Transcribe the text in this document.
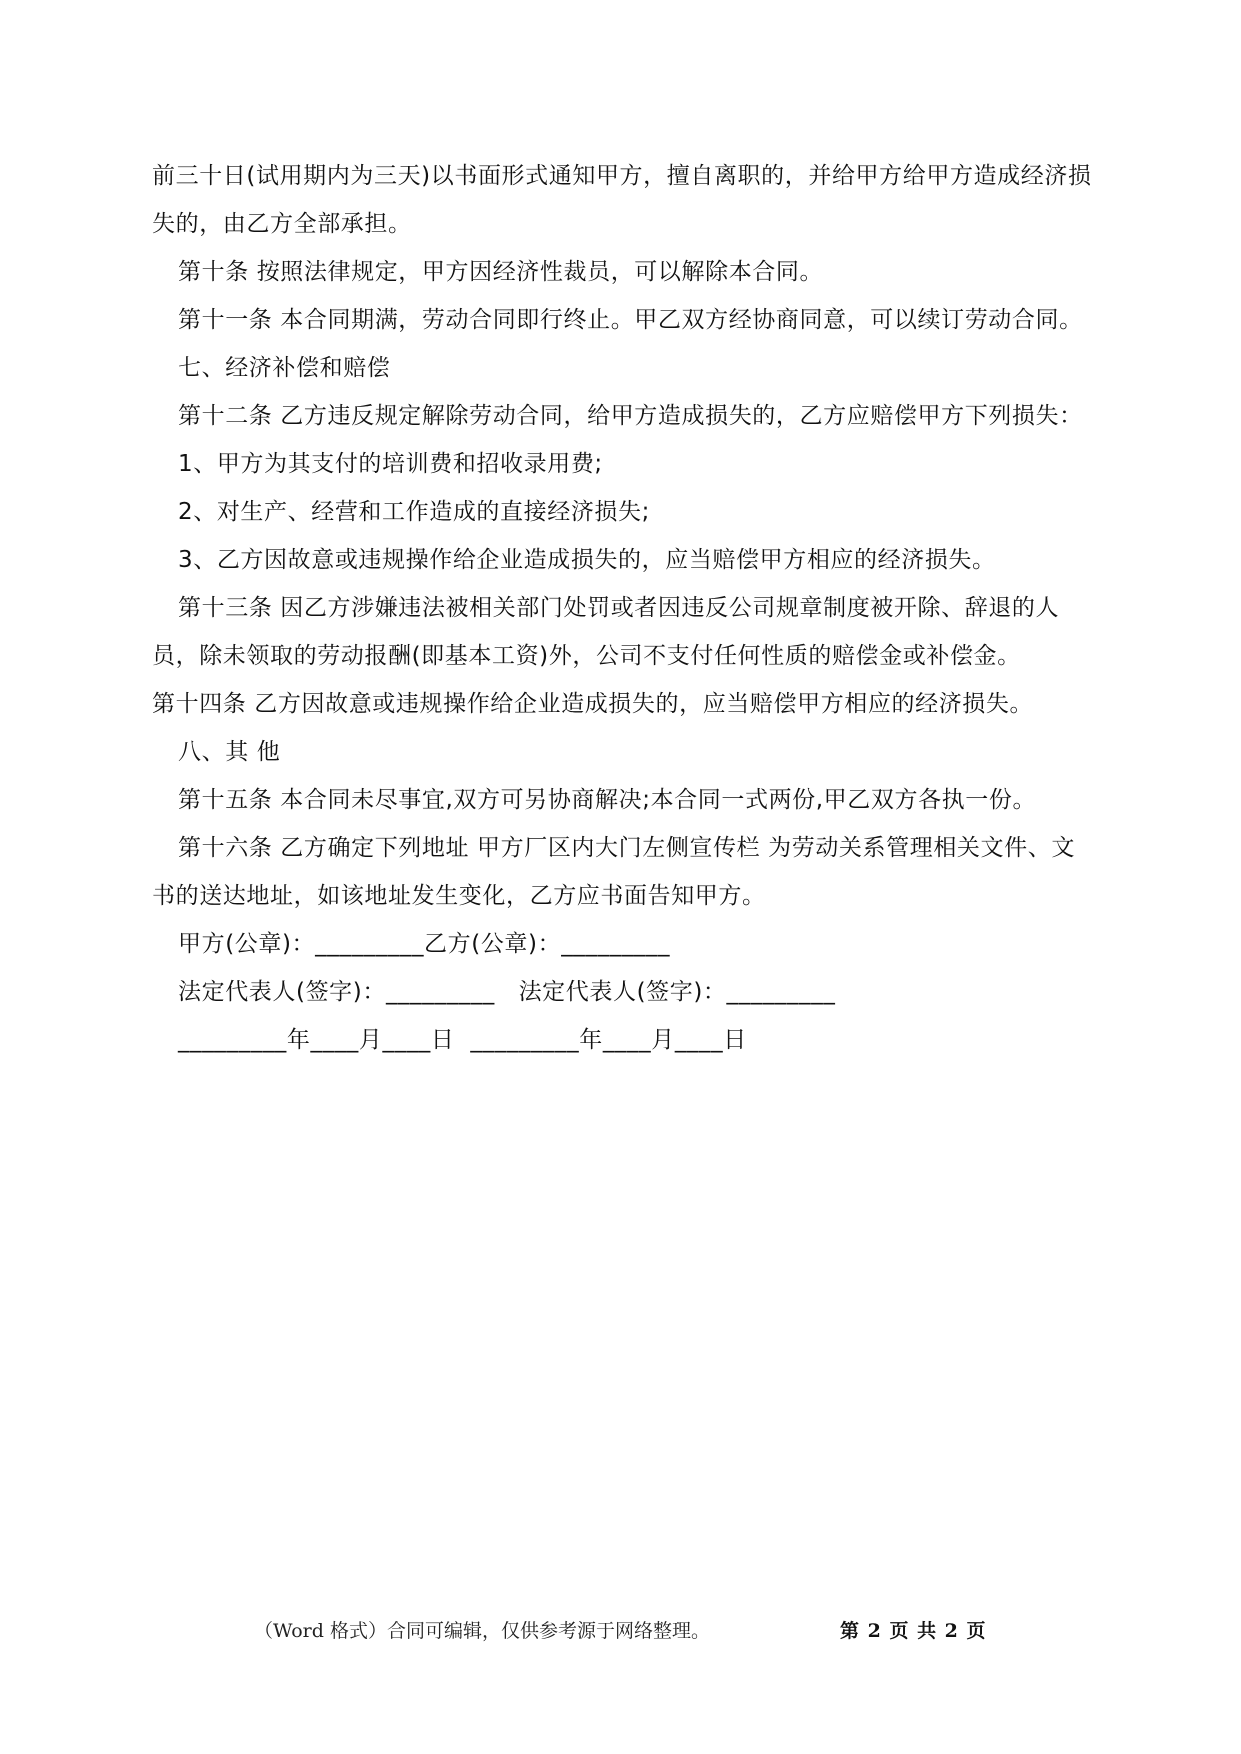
前三十日(试用期内为三天)以书面形式通知甲方，擅自离职的，并给甲方给甲方造成经济损失的，由乙方全部承担。

第十条 按照法律规定，甲方因经济性裁员，可以解除本合同。

第十一条 本合同期满，劳动合同即行终止。甲乙双方经协商同意，可以续订劳动合同。

七、经济补偿和赔偿

第十二条 乙方违反规定解除劳动合同，给甲方造成损失的，乙方应赔偿甲方下列损失：

1、甲方为其支付的培训费和招收录用费;

2、对生产、经营和工作造成的直接经济损失;

3、乙方因故意或违规操作给企业造成损失的，应当赔偿甲方相应的经济损失。

第十三条 因乙方涉嫌违法被相关部门处罚或者因违反公司规章制度被开除、辞退的人员，除未领取的劳动报酬(即基本工资)外，公司不支付任何性质的赔偿金或补偿金。

第十四条 乙方因故意或违规操作给企业造成损失的，应当赔偿甲方相应的经济损失。

八、其 他

第十五条 本合同未尽事宜,双方可另协商解决;本合同一式两份,甲乙双方各执一份。

第十六条 乙方确定下列地址 甲方厂区内大门左侧宣传栏 为劳动关系管理相关文件、文书的送达地址，如该地址发生变化，乙方应书面告知甲方。

甲方(公章)：_________乙方(公章)：_________

法定代表人(签字)：_________   法定代表人(签字)：_________

_________年____月____日  _________年____月____日

（Word 格式）合同可编辑，仅供参考源于网络整理。	第 2 页 共 2 页
